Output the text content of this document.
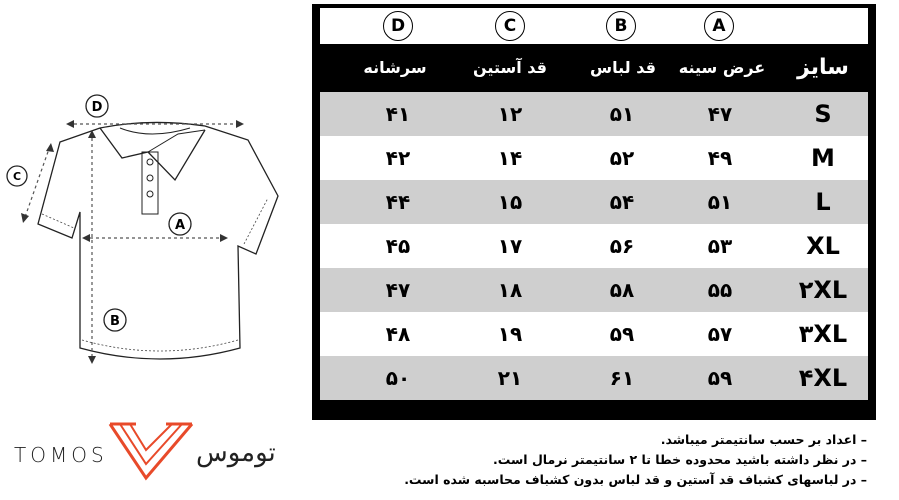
D
C
A
B
TOMOS	توموس
D	C	B	A
سرشانه	قد آستین	قد لباس	عرض سینه	سایز
۴۱	۱۲	۵۱	۴۷	S
۴۲	۱۴	۵۲	۴۹	M
۴۴	۱۵	۵۴	۵۱	L
۴۵	۱۷	۵۶	۵۳	XL
۴۷	۱۸	۵۸	۵۵	۲XL
۴۸	۱۹	۵۹	۵۷	۳XL
۵۰	۲۱	۶۱	۵۹	۴XL
– اعداد بر حسب سانتیمتر میباشد.
– در نظر داشته باشید محدوده خطا تا ۲ سانتیمتر نرمال است.
– در لباسهای کشباف قد آستین و قد لباس بدون کشباف محاسبه شده است.
